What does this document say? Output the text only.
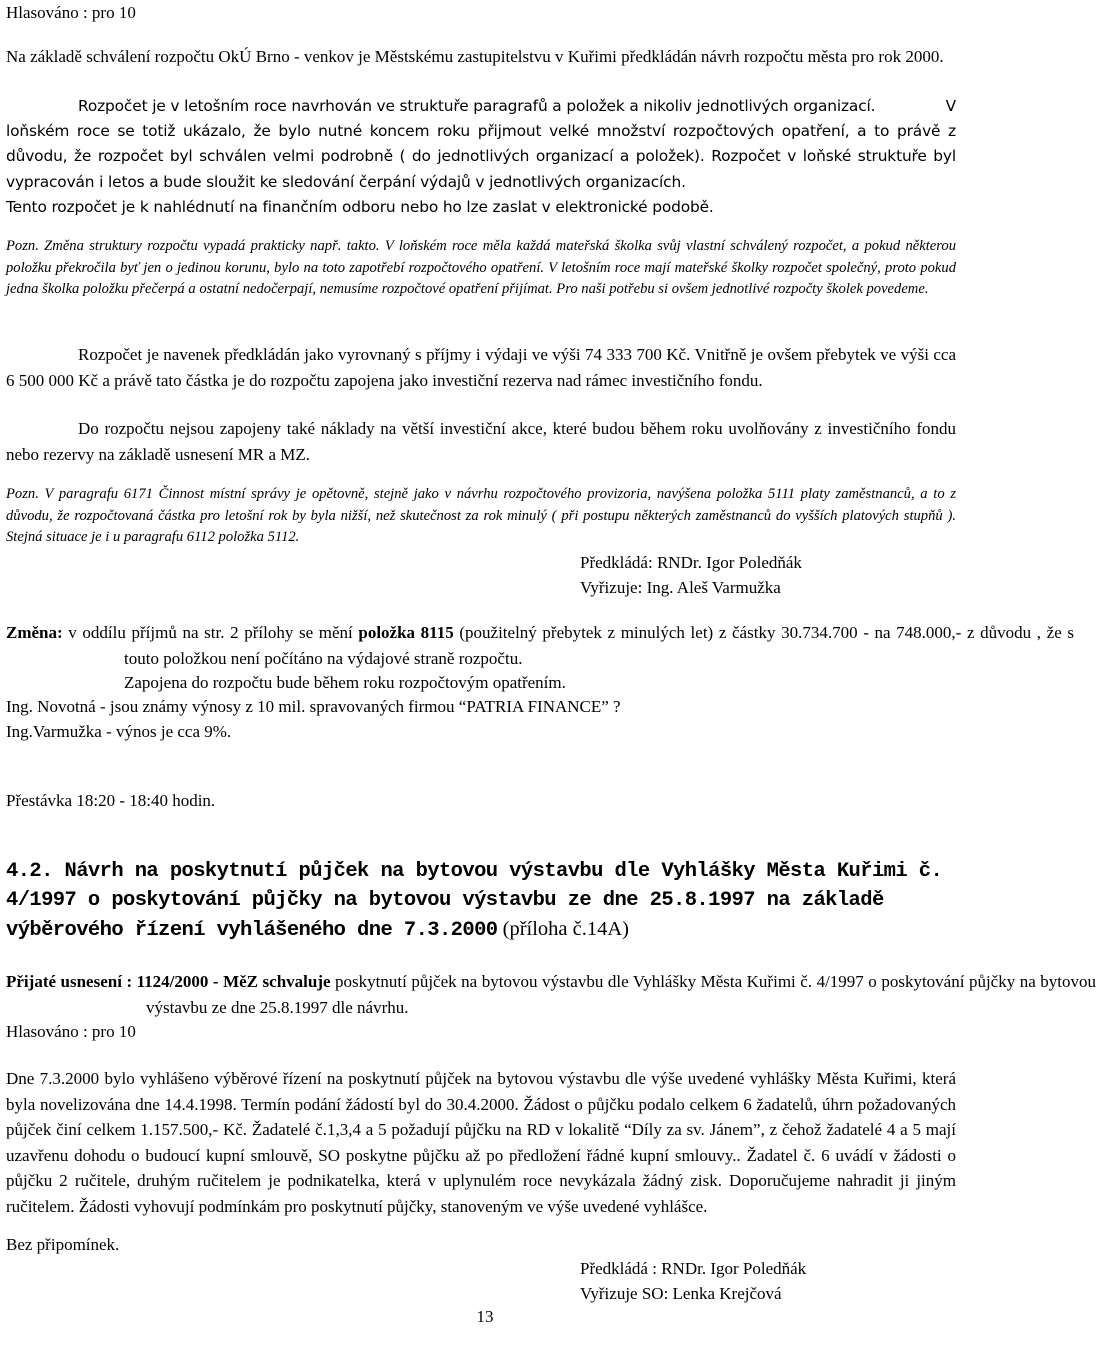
Hlasováno : pro 10

Na základě schválení rozpočtu OkÚ Brno - venkov je Městskému zastupitelstvu v Kuřimi předkládán návrh rozpočtu města pro rok 2000.

Rozpočet je v letošním roce navrhován ve struktuře paragrafů a položek a nikoliv jednotlivých organizací.	V loňském roce se totiž ukázalo, že bylo nutné koncem roku přijmout velké množství rozpočtových opatření, a to právě z důvodu, že rozpočet byl schválen velmi podrobně ( do jednotlivých organizací a položek). Rozpočet v loňské struktuře byl vypracován i letos a bude sloužit ke sledování čerpání výdajů v jednotlivých organizacích.
Tento rozpočet je k nahlédnutí na finančním odboru nebo ho lze zaslat v elektronické podobě.

Pozn. Změna struktury rozpočtu vypadá prakticky např. takto. V loňském roce měla každá mateřská školka svůj vlastní schválený rozpočet, a pokud některou položku překročila byť jen o jedinou korunu, bylo na toto zapotřebí rozpočtového opatření. V letošním roce mají mateřské školky rozpočet společný, proto pokud jedna školka položku přečerpá a ostatní nedočerpají, nemusíme rozpočtové opatření přijímat. Pro naši potřebu si ovšem jednotlivé rozpočty školek povedeme.

Rozpočet je navenek předkládán jako vyrovnaný s příjmy i výdaji ve výši 74 333 700 Kč. Vnitřně je ovšem přebytek ve výši cca 6 500 000 Kč a právě tato částka je do rozpočtu zapojena jako investiční rezerva nad rámec investičního fondu.

Do rozpočtu nejsou zapojeny také náklady na větší investiční akce, které budou během roku uvolňovány z investičního fondu nebo rezervy na základě usnesení MR a MZ.

Pozn. V paragrafu 6171 Činnost místní správy je opětovně, stejně jako v návrhu rozpočtového provizoria, navýšena položka 5111 platy zaměstnanců, a to z důvodu, že rozpočtovaná částka pro letošní rok by byla nižší, než skutečnost za rok minulý ( při postupu některých zaměstnanců do vyšších platových stupňů ). Stejná situace je i u paragrafu 6112 položka 5112.

Předkládá: RNDr. Igor Poledňák

Vyřizuje: Ing. Aleš Varmužka

Změna: v oddílu příjmů na str. 2 přílohy se mění položka 8115 (použitelný přebytek z minulých let) z částky 30.734.700 - na 748.000,- z důvodu , že s touto položkou není počítáno na výdajové straně rozpočtu.

Zapojena do rozpočtu bude během roku rozpočtovým opatřením.

Ing. Novotná - jsou známy výnosy z 10 mil. spravovaných firmou “PATRIA FINANCE” ?

Ing.Varmužka - výnos je cca 9%.

Přestávka 18:20 - 18:40 hodin.

4.2. Návrh na poskytnutí půjček na bytovou výstavbu dle Vyhlášky Města Kuřimi č. 4/1997 o poskytování půjčky na bytovou výstavbu ze dne 25.8.1997 na základě výběrového řízení vyhlášeného dne 7.3.2000 (příloha č.14A)
Přijaté usnesení : 1124/2000 - MěZ schvaluje poskytnutí půjček na bytovou výstavbu dle Vyhlášky Města Kuřimi č. 4/1997 o poskytování půjčky na bytovou výstavbu ze dne 25.8.1997 dle návrhu.

Hlasováno : pro 10

Dne 7.3.2000 bylo vyhlášeno výběrové řízení na poskytnutí půjček na bytovou výstavbu dle výše uvedené vyhlášky Města Kuřimi, která byla novelizována dne 14.4.1998. Termín podání žádostí byl do 30.4.2000. Žádost o půjčku podalo celkem 6 žadatelů, úhrn požadovaných půjček činí celkem 1.157.500,- Kč. Žadatelé č.1,3,4 a 5 požadují půjčku na RD v lokalitě “Díly za sv. Jánem”, z čehož žadatelé 4 a 5 mají uzavřenu dohodu o budoucí kupní smlouvě, SO poskytne půjčku až po předložení řádné kupní smlouvy.. Žadatel č. 6 uvádí v žádosti o půjčku 2 ručitele, druhým ručitelem je podnikatelka, která v uplynulém roce nevykázala žádný zisk. Doporučujeme nahradit ji jiným ručitelem. Žádosti vyhovují podmínkám pro poskytnutí půjčky, stanoveným ve výše uvedené vyhlášce.

Bez připomínek.

Předkládá : RNDr. Igor Poledňák

Vyřizuje SO: Lenka Krejčová

13
